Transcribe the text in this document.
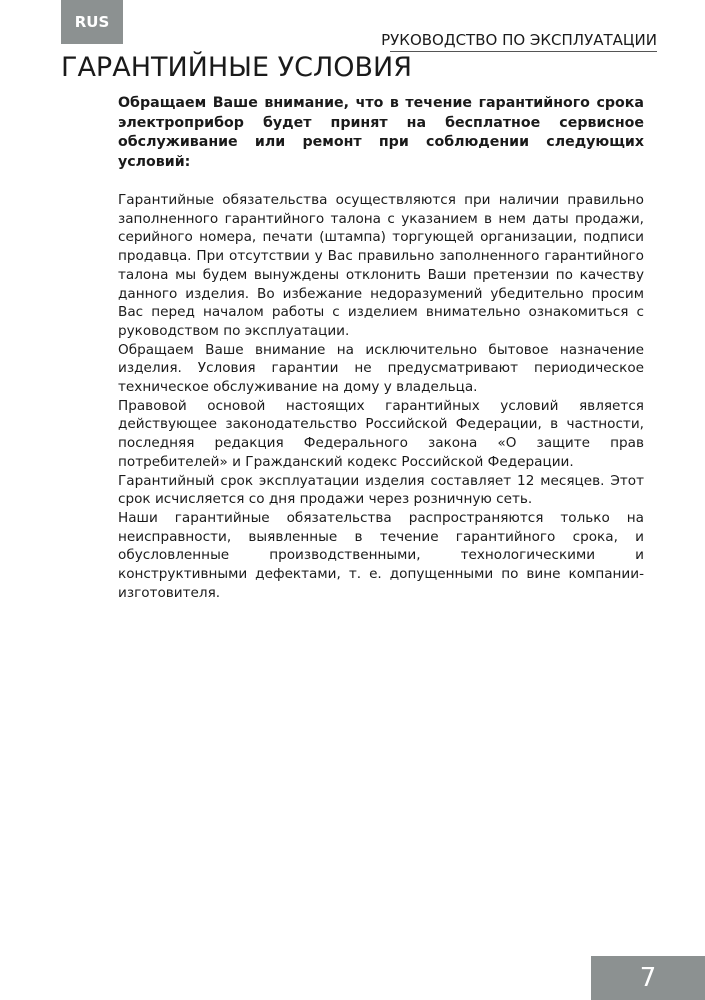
RUS
РУКОВОДСТВО ПО ЭКСПЛУАТАЦИИ
ГАРАНТИЙНЫЕ УСЛОВИЯ

Обращаем Ваше внимание, что в течение гарантийного срока электроприбор будет принят на бесплатное сервисное обслуживание или ремонт при соблюдении следующих условий:

Гарантийные обязательства осуществляются при наличии правильно заполненного гарантийного талона с указанием в нем даты продажи, серийного номера, печати (штампа) торгующей организации, подписи продавца. При отсутствии у Вас правильно заполненного гарантийного талона мы будем вынуждены отклонить Ваши претензии по качеству данного изделия. Во избежание недоразумений убедительно просим Вас перед началом работы с изделием внимательно ознакомиться с руководством по эксплуатации.

Обращаем Ваше внимание на исключительно бытовое назначение изделия. Условия гарантии не предусматривают периодическое техническое обслуживание на дому у владельца.

Правовой основой настоящих гарантийных условий является действующее законодательство Российской Федерации, в частности, последняя редакция Федерального закона «О защите прав потребителей» и Гражданский кодекс Российской Федерации.

Гарантийный срок эксплуатации изделия составляет 12 месяцев. Этот срок исчисляется со дня продажи через розничную сеть.

Наши гарантийные обязательства распространяются только на неисправности, выявленные в течение гарантийного срока, и обусловленные производственными, технологическими и конструктивными дефектами, т. е. допущенными по вине компании-изготовителя.

7
